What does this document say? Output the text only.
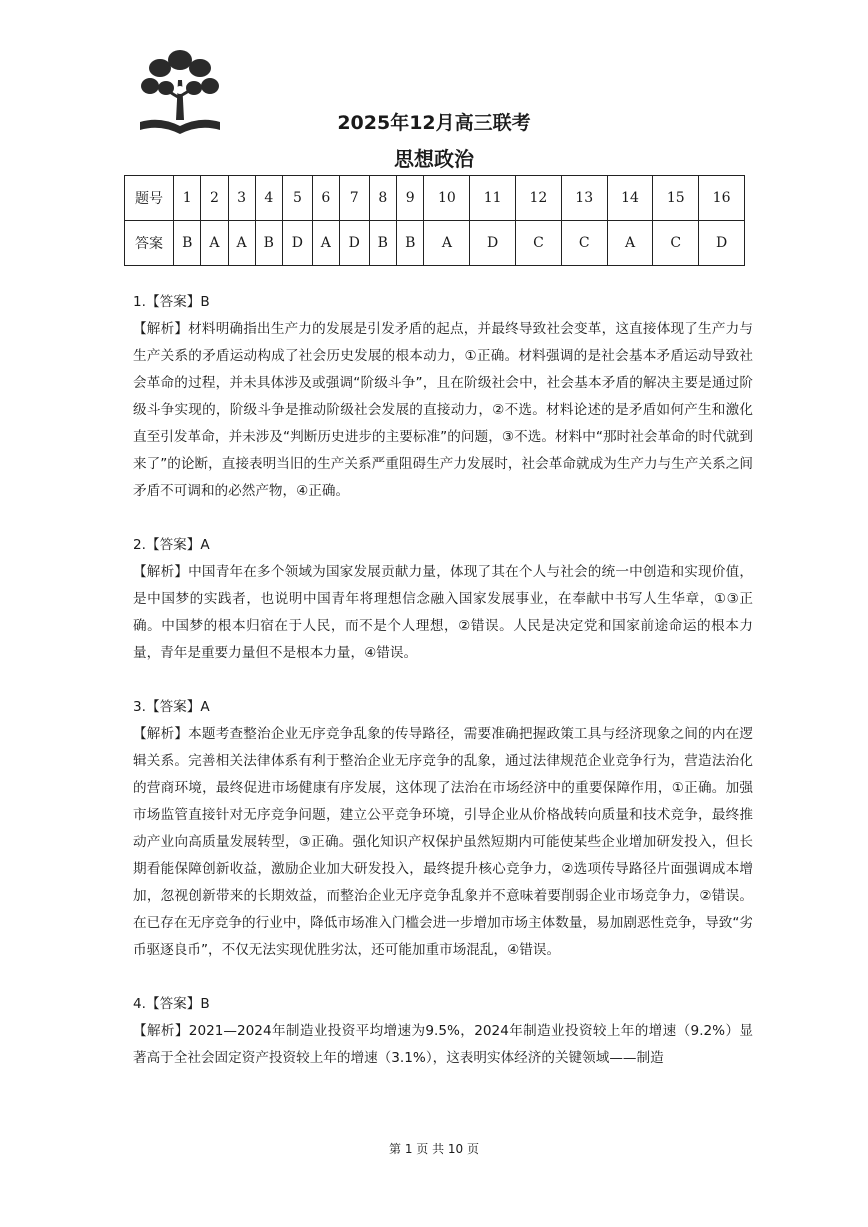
2025年12月高三联考
思想政治
题号	1	2	3	4	5	6	7	8	9	10	11	12	13	14	15	16
答案	B	A	A	B	D	A	D	B	B	A	D	C	C	A	C	D

1.【答案】B

【解析】材料明确指出生产力的发展是引发矛盾的起点，并最终导致社会变革，这直接体现了生产力与生产关系的矛盾运动构成了社会历史发展的根本动力，①正确。材料强调的是社会基本矛盾运动导致社会革命的过程，并未具体涉及或强调“阶级斗争”，且在阶级社会中，社会基本矛盾的解决主要是通过阶级斗争实现的，阶级斗争是推动阶级社会发展的直接动力，②不选。材料论述的是矛盾如何产生和激化直至引发革命，并未涉及“判断历史进步的主要标准”的问题，③不选。材料中“那时社会革命的时代就到来了”的论断，直接表明当旧的生产关系严重阻碍生产力发展时，社会革命就成为生产力与生产关系之间矛盾不可调和的必然产物，④正确。

2.【答案】A

【解析】中国青年在多个领域为国家发展贡献力量，体现了其在个人与社会的统一中创造和实现价值，是中国梦的实践者，也说明中国青年将理想信念融入国家发展事业，在奉献中书写人生华章，①③正确。中国梦的根本归宿在于人民，而不是个人理想，②错误。人民是决定党和国家前途命运的根本力量，青年是重要力量但不是根本力量，④错误。

3.【答案】A

【解析】本题考查整治企业无序竞争乱象的传导路径，需要准确把握政策工具与经济现象之间的内在逻辑关系。完善相关法律体系有利于整治企业无序竞争的乱象，通过法律规范企业竞争行为，营造法治化的营商环境，最终促进市场健康有序发展，这体现了法治在市场经济中的重要保障作用，①正确。加强市场监管直接针对无序竞争问题，建立公平竞争环境，引导企业从价格战转向质量和技术竞争，最终推动产业向高质量发展转型，③正确。强化知识产权保护虽然短期内可能使某些企业增加研发投入，但长期看能保障创新收益，激励企业加大研发投入，最终提升核心竞争力，②选项传导路径片面强调成本增加，忽视创新带来的长期效益，而整治企业无序竞争乱象并不意味着要削弱企业市场竞争力，②错误。在已存在无序竞争的行业中，降低市场准入门槛会进一步增加市场主体数量，易加剧恶性竞争，导致“劣币驱逐良币”，不仅无法实现优胜劣汰，还可能加重市场混乱，④错误。

4.【答案】B

【解析】2021—2024年制造业投资平均增速为9.5%，2024年制造业投资较上年的增速（9.2%）显著高于全社会固定资产投资较上年的增速（3.1%），这表明实体经济的关键领域——制造

第 1 页 共 10 页
